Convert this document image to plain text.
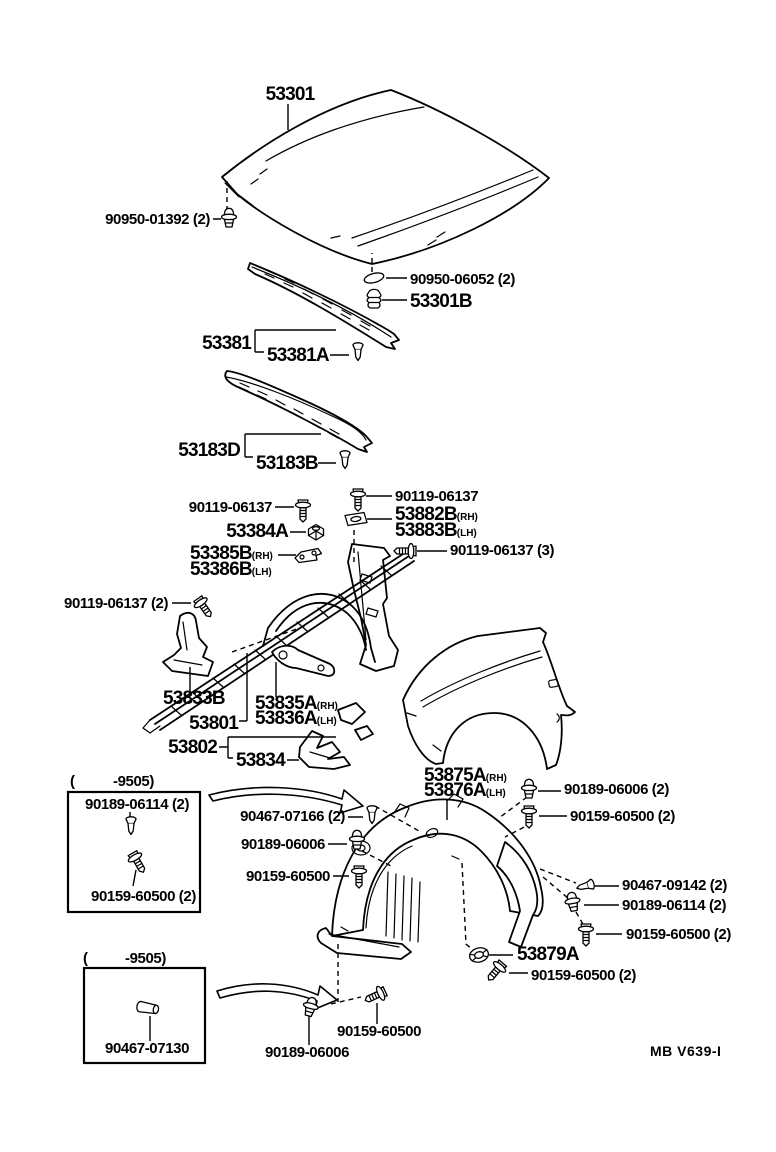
90189-06006
90159-60500
90467-07130
-9505)
(
90159-60500 (2)
53879A
90159-60500 (2)
90189-06114 (2)
90467-09142 (2)
90159-60500
90189-06006
90467-07166 (2)
90159-60500 (2)
90189-06114 (2)
-9505)
(
90159-60500 (2)
90189-06006 (2)
53876A(LH)
53875A(RH)
53834
53802
53801 53836A(LH)
53835A(RH)
53833B
90119-06137 (2)
90119-06137 (3)
53386B(LH)
53385B(RH)
53384A	53883B(LH)
53882B(RH)
90119-06137
90119-06137
53183B
53183D
53381A
53381
53301B
90950-06052 (2)
90950-01392 (2)
53301
MB V639-I
